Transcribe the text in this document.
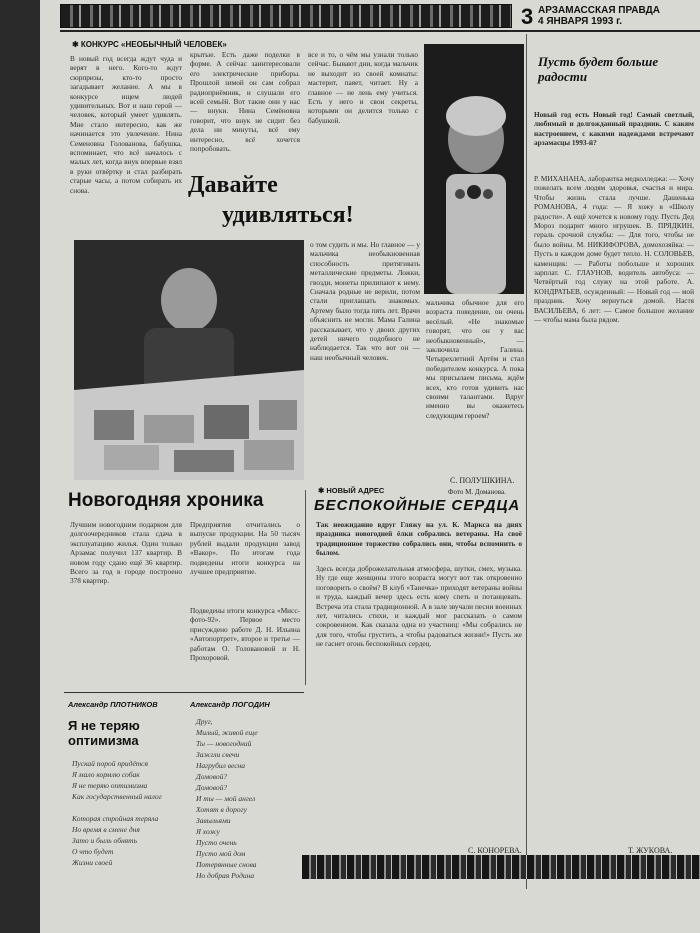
3 АРЗАМАССКАЯ ПРАВДА
4 ЯНВАРЯ 1993 г.
✱ КОНКУРС «НЕОБЫЧНЫЙ ЧЕЛОВЕК»
В новый год всегда ждут чуда и верят в него. Кого-то ждут сюрпризы, кто-то просто загадывает желание. А мы в конкурсе ищем людей удивительных. Вот и наш герой — человек, который умеет удивлять. Мне стало интересно, как же начинается это увлечение. Нина Семеновна Голованова, бабушка, вспоминает, что всё началось с малых лет, когда внук впервые взял в руки отвёртку и стал разбирать старые часы, а потом собирать их снова.
крытые. Есть даже поделки в форме. А сейчас заинтересовали его электрические приборы. Прошлой зимой он сам собрал радиоприёмник, и слушали его всей семьёй. Вот такие они у нас — внуки. Нина Семёновна говорит, что внук не сидит без дела ни минуты, всё ему интересно, всё хочется попробовать.
все и то, о чём мы узнали только сейчас. Бывают дни, когда мальчик не выходит из своей комнаты: мастерит, паяет, читает. Ну а главное — не лень ему учиться. Есть у него и свои секреты, которыми он делится только с бабушкой.
Фото М. Доманова.
Давайте
удивляться!
о том судить и мы. Но главное — у мальчика необыкновенная способность притягивать металлические предметы. Ложки, гвозди, монеты прилипают к нему. Сначала родные не верили, потом стали приглашать знакомых. Артему было тогда пять лет. Врачи объяснить не могли. Мама Галина рассказывает, что у двоих других детей ничего подобного не наблюдается. Так что вот он — наш необычный человек.
мальчика обычное для его возраста поведение, он очень весёлый. «Не знакомые говорят, что он у вас необыкновенный», — заключила Галина. Четырехлетний Артём и стал победителем конкурса. А пока мы присылаем письма, ждём всех, кто готов удивить нас своими талантами. Вдруг именно вы окажетесь следующим героем?
С. ПОЛУШКИНА.
Новогодняя хроника
Лучшим новогодним подарком для долгоочередников стала сдача в эксплуатацию жилья. Один только Арзамас получил 137 квартир. В новом году сдано ещё 36 квартир. Всего за год в городе построено 378 квартир.
Предприятия отчитались о выпуске продукции. На 50 тысяч рублей выдали продукции завод «Вакор». По итогам года подведены итоги конкурса на лучшее предприятие.
Подведены итоги конкурса «Мисс-фото-92». Первое место присуждено работе Д. Н. Ильина «Автопортрет», второе и третье — работам О. Головановой и Н. Прохоровой.
✱ НОВЫЙ АДРЕС
БЕСПОКОЙНЫЕ СЕРДЦА
Так неожиданно вдруг Гляжу на ул. К. Маркса на днях праздника новогодней ёлки собрались ветераны. На своё традиционное торжество собрались они, чтобы вспомнить о былом.
Здесь всегда доброжелательная атмосфера, шутки, смех, музыка. Ну где еще женщины этого возраста могут вот так откровенно поговорить о своём? В клуб «Танечка» приходят ветераны войны и труда, каждый вечер здесь есть кому спеть и потанцевать. Встреча эта стала традиционной. А в зале звучали песни военных лет, читались стихи, и каждый мог рассказать о самом сокровенном. Как сказала одна из участниц: «Мы собрались не для того, чтобы грустить, а чтобы радоваться жизни!» Пусть же не гаснет огонь беспокойных сердец.
С. КОНОРЕВА.
Пусть будет больше радости
Новый год есть Новый год! Самый светлый, любимый и долгожданный праздник. С каким настроением, с какими надеждами встречают арзамасцы 1993-й?
Р. МИХАНАНА, лаборантка медколледжа: — Хочу пожелать всем людям здоровья, счастья и мира. Чтобы жизнь стала лучше. Дашенька РОМАНОВА, 4 года: — Я хожу в «Школу радости». А ещё хочется к новому году. Пусть Дед Мороз подарит много игрушек. В. ПРЯДКИН, гераль срочной службы: — Для того, чтобы не было войны. М. НИКИФОРОВА, домохозяйка: — Пусть в каждом доме будет тепло. Н. СОЛОВЬЕВ, каменщик: — Работы побольше и хороших зарплат. С. ГЛАУНОВ, водитель автобуса: — Четвёртый год служу на этой работе. А. КОНДРАТЬЕВ, осужденный: — Новый год — мой праздник. Хочу вернуться домой. Настя ВАСИЛЬЕВА, 6 лет: — Самое большое желание — чтобы мама была рядом.
Т. ЖУКОВА.
Александр ПЛОТНИКОВ	Александр ПОГОДИН
Я не теряю оптимизма
Пускай порой придётся
Я мало кормлю собак
Я не теряю оптимизма
Как государственный налог

Которая стройная теряла
Но время в смене дня
Зато и быль обнять
О что будет
Жизни своей
Друг,
Милый, живой еще
Ты — новогодний
Зажгли свечи
Нагрубил весна
Домовой?
Домовой?
И ты — мой ангел
Хотят в дорогу
Завыльями
Я хожу
Пусто очень
Пусто мой дом
Потерянные снова
Но добрая Родина
